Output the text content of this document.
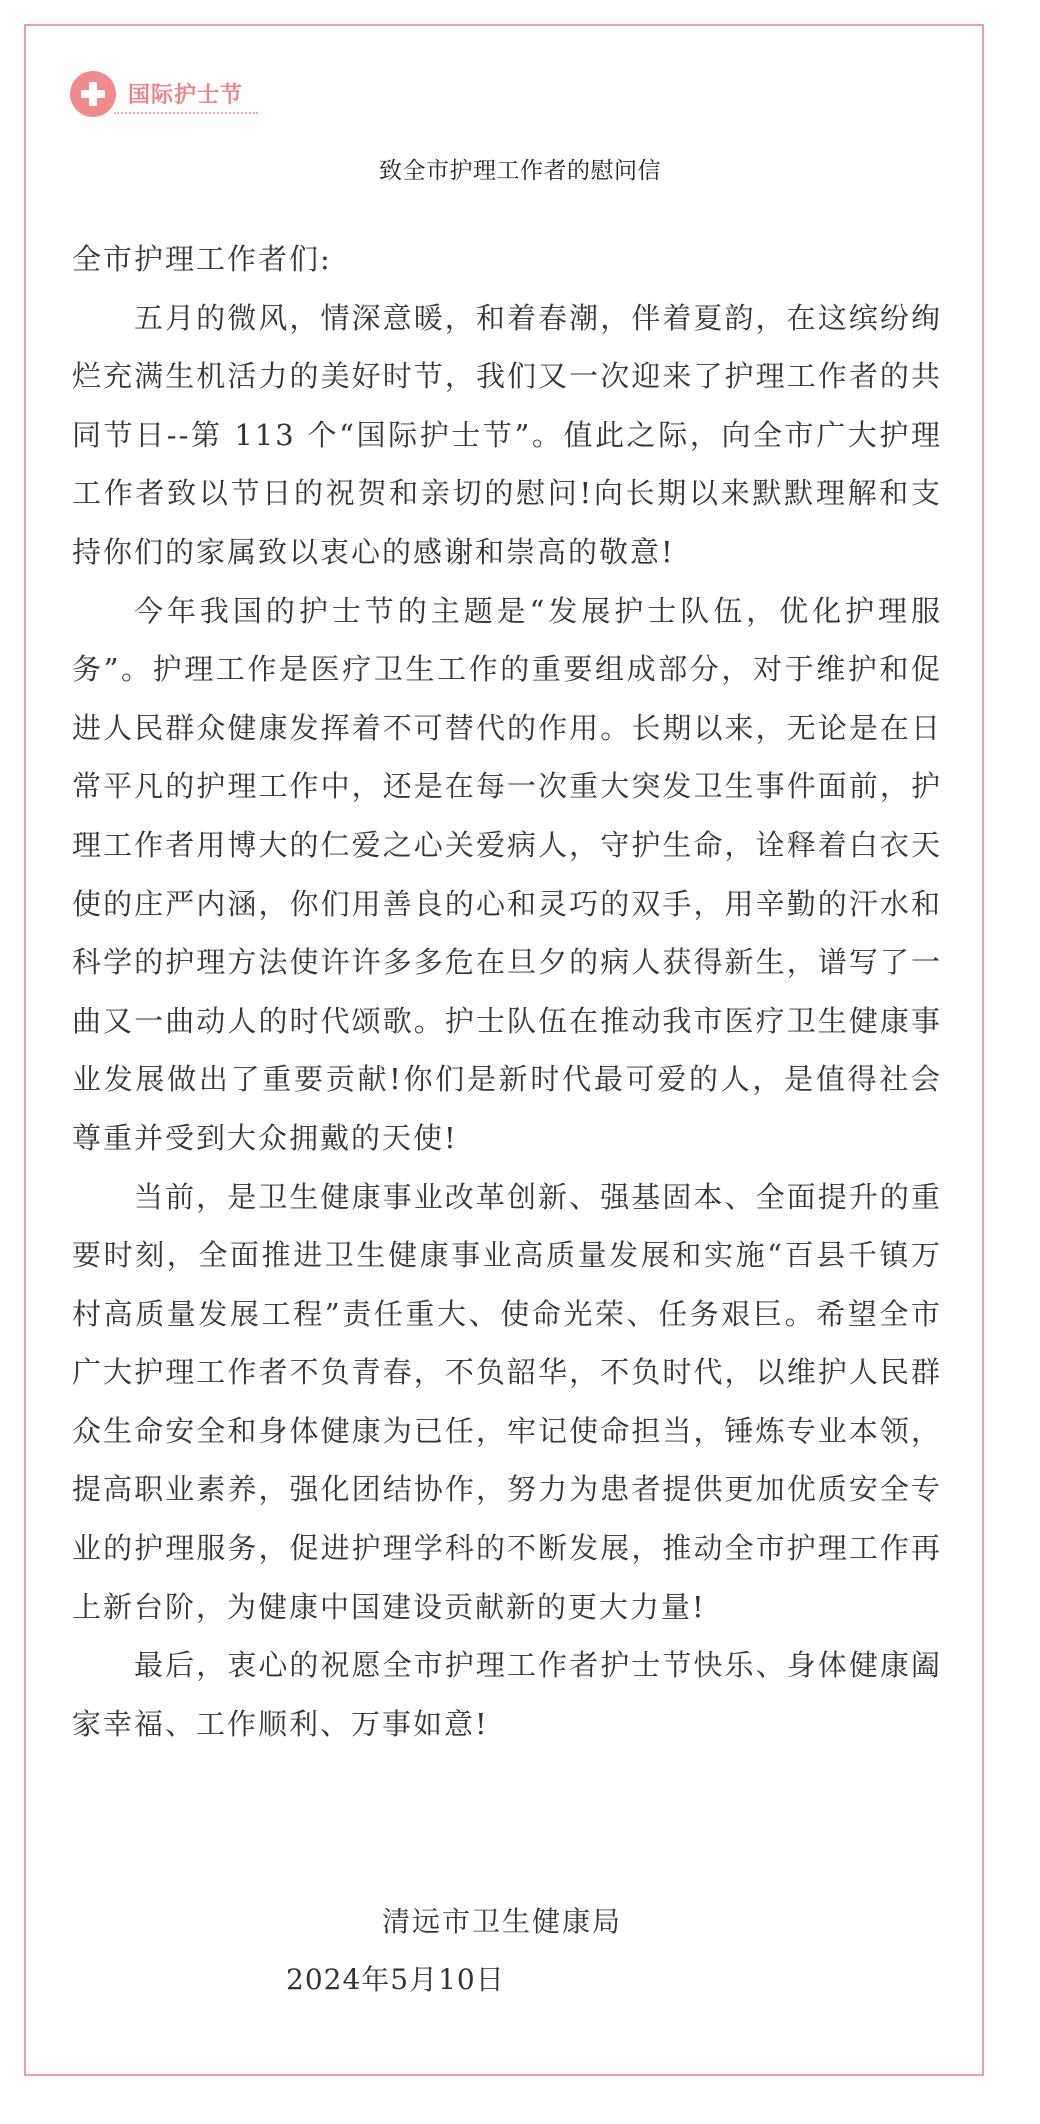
国际护士节
致全市护理工作者的慰问信

全市护理工作者们:

五月的微风，情深意暖，和着春潮，伴着夏韵，在这缤纷绚烂充满生机活力的美好时节，我们又一次迎来了护理工作者的共同节日--第 113 个“国际护士节”。值此之际，向全市广大护理工作者致以节日的祝贺和亲切的慰问!向长期以来默默理解和支持你们的家属致以衷心的感谢和崇高的敬意!

今年我国的护士节的主题是“发展护士队伍，优化护理服务”。护理工作是医疗卫生工作的重要组成部分，对于维护和促进人民群众健康发挥着不可替代的作用。长期以来，无论是在日常平凡的护理工作中，还是在每一次重大突发卫生事件面前，护理工作者用博大的仁爱之心关爱病人，守护生命，诠释着白衣天使的庄严内涵，你们用善良的心和灵巧的双手，用辛勤的汗水和科学的护理方法使许许多多危在旦夕的病人获得新生，谱写了一曲又一曲动人的时代颂歌。护士队伍在推动我市医疗卫生健康事业发展做出了重要贡献!你们是新时代最可爱的人，是值得社会尊重并受到大众拥戴的天使!

当前，是卫生健康事业改革创新、强基固本、全面提升的重要时刻，全面推进卫生健康事业高质量发展和实施“百县千镇万村高质量发展工程”责任重大、使命光荣、任务艰巨。希望全市广大护理工作者不负青春，不负韶华，不负时代，以维护人民群众生命安全和身体健康为已任，牢记使命担当，锤炼专业本领，提高职业素养，强化团结协作，努力为患者提供更加优质安全专业的护理服务，促进护理学科的不断发展，推动全市护理工作再上新台阶，为健康中国建设贡献新的更大力量!

最后，衷心的祝愿全市护理工作者护士节快乐、身体健康阖家幸福、工作顺利、万事如意!

清远市卫生健康局
2024年5月10日
